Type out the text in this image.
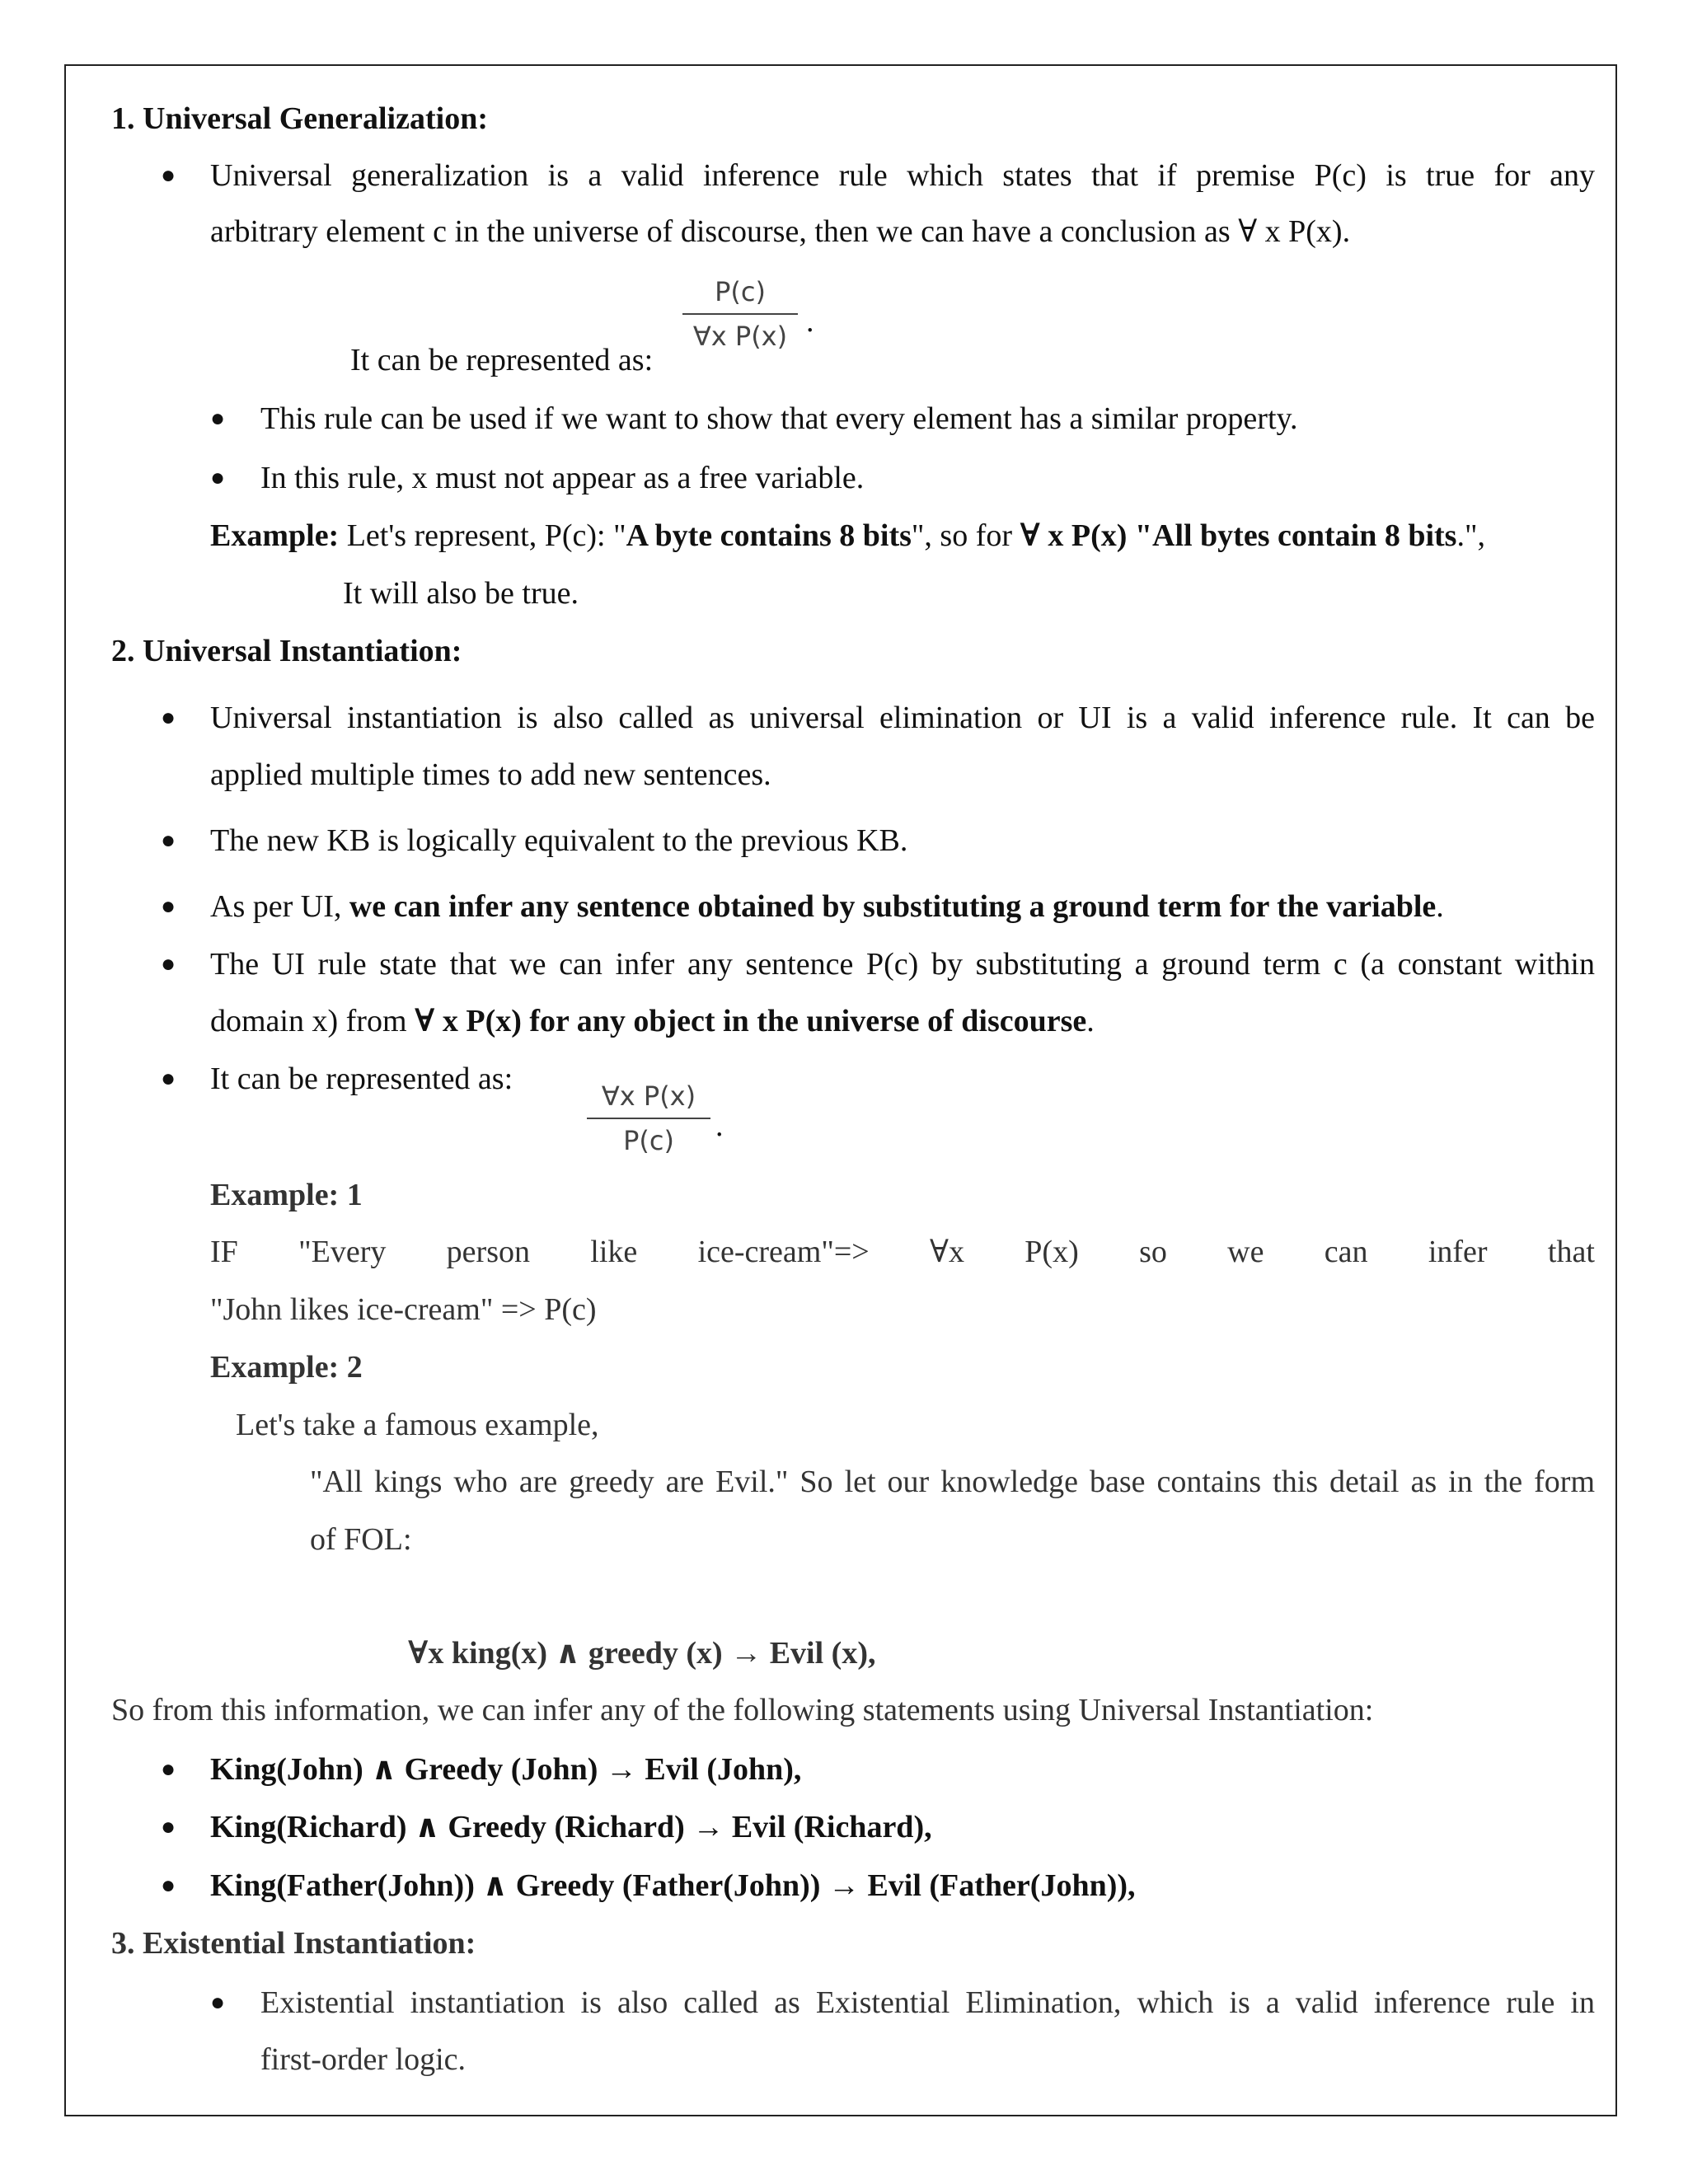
1. Universal Generalization:
● Universal generalization is a valid inference rule which states that if premise P(c) is true for any
arbitrary element c in the universe of discourse, then we can have a conclusion as ∀ x P(x).
P(c)
∀x P(x) .
It can be represented as:
● This rule can be used if we want to show that every element has a similar property.
● In this rule, x must not appear as a free variable.
Example: Let's represent, P(c): "A byte contains 8 bits", so for ∀ x P(x) "All bytes contain 8 bits.",
It will also be true.
2. Universal Instantiation:
● Universal instantiation is also called as universal elimination or UI is a valid inference rule. It can be
applied multiple times to add new sentences.
● The new KB is logically equivalent to the previous KB.
● As per UI, we can infer any sentence obtained by substituting a ground term for the variable.
● The UI rule state that we can infer any sentence P(c) by substituting a ground term c (a constant within
domain x) from ∀ x P(x) for any object in the universe of discourse.
● It can be represented as:	∀x P(x)
P(c)	.
Example: 1
IF "Every person like ice-cream"=> ∀x P(x) so we can infer that
"John likes ice-cream" => P(c)
Example: 2
Let's take a famous example,
"All kings who are greedy are Evil." So let our knowledge base contains this detail as in the form
of FOL:
∀x king(x) ∧ greedy (x) → Evil (x),
So from this information, we can infer any of the following statements using Universal Instantiation:
● King(John) ∧ Greedy (John) → Evil (John),
● King(Richard) ∧ Greedy (Richard) → Evil (Richard),
● King(Father(John)) ∧ Greedy (Father(John)) → Evil (Father(John)),
3. Existential Instantiation:
● Existential instantiation is also called as Existential Elimination, which is a valid inference rule in
first-order logic.
